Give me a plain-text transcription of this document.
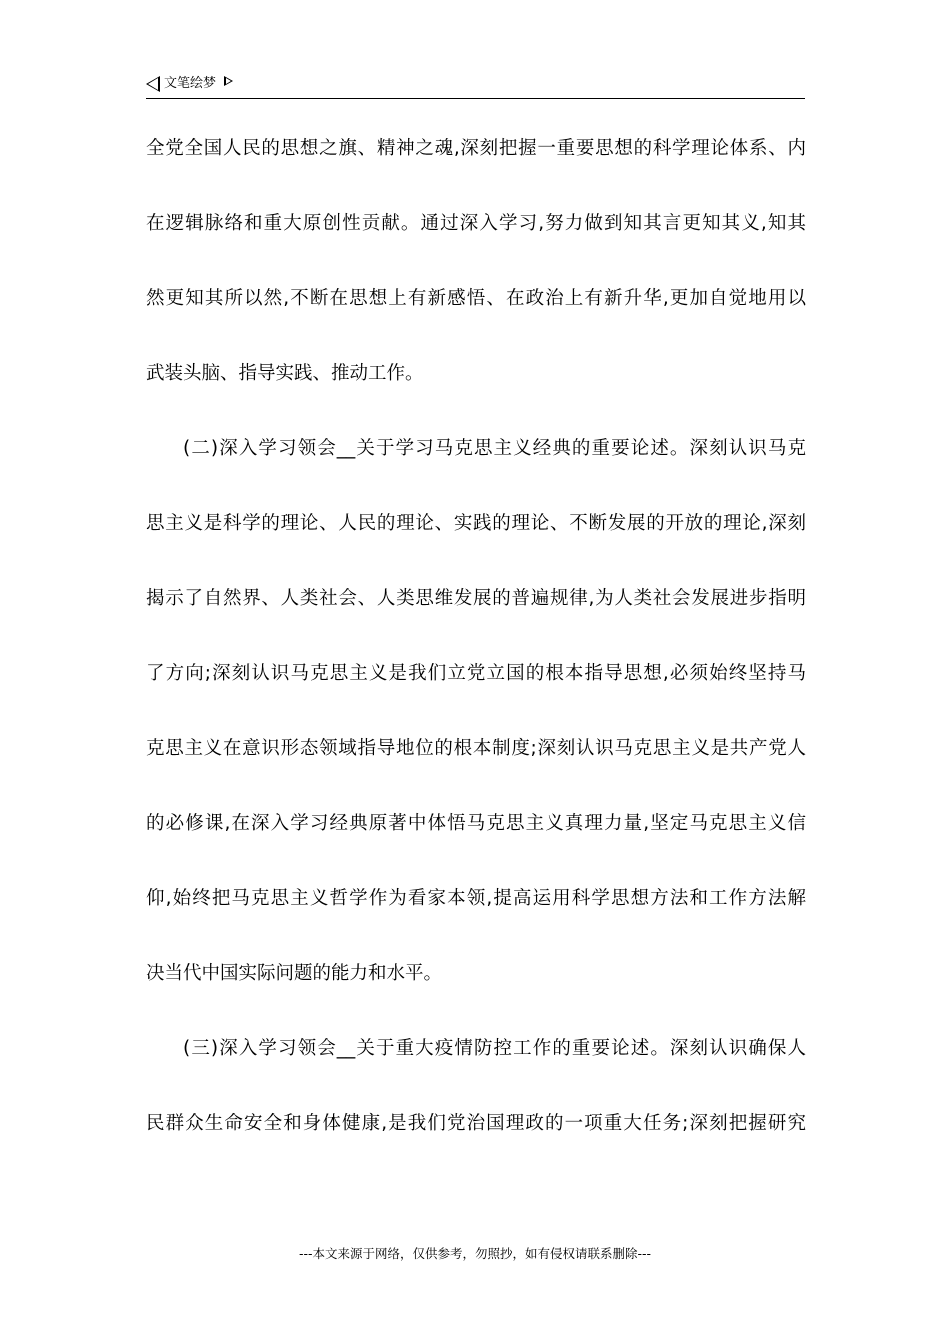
文笔绘梦
全党全国人民的思想之旗、精神之魂,深刻把握一重要思想的科学理论体系、内
在逻辑脉络和重大原创性贡献。通过深入学习,努力做到知其言更知其义,知其
然更知其所以然,不断在思想上有新感悟、在政治上有新升华,更加自觉地用以
武装头脑、指导实践、推动工作。
(二)深入学习领会__关于学习马克思主义经典的重要论述。深刻认识马克
思主义是科学的理论、人民的理论、实践的理论、不断发展的开放的理论,深刻
揭示了自然界、人类社会、人类思维发展的普遍规律,为人类社会发展进步指明
了方向;深刻认识马克思主义是我们立党立国的根本指导思想,必须始终坚持马
克思主义在意识形态领域指导地位的根本制度;深刻认识马克思主义是共产党人
的必修课,在深入学习经典原著中体悟马克思主义真理力量,坚定马克思主义信
仰,始终把马克思主义哲学作为看家本领,提高运用科学思想方法和工作方法解
决当代中国实际问题的能力和水平。
(三)深入学习领会__关于重大疫情防控工作的重要论述。深刻认识确保人
民群众生命安全和身体健康,是我们党治国理政的一项重大任务;深刻把握研究
---本文来源于网络，仅供参考，勿照抄，如有侵权请联系删除---
